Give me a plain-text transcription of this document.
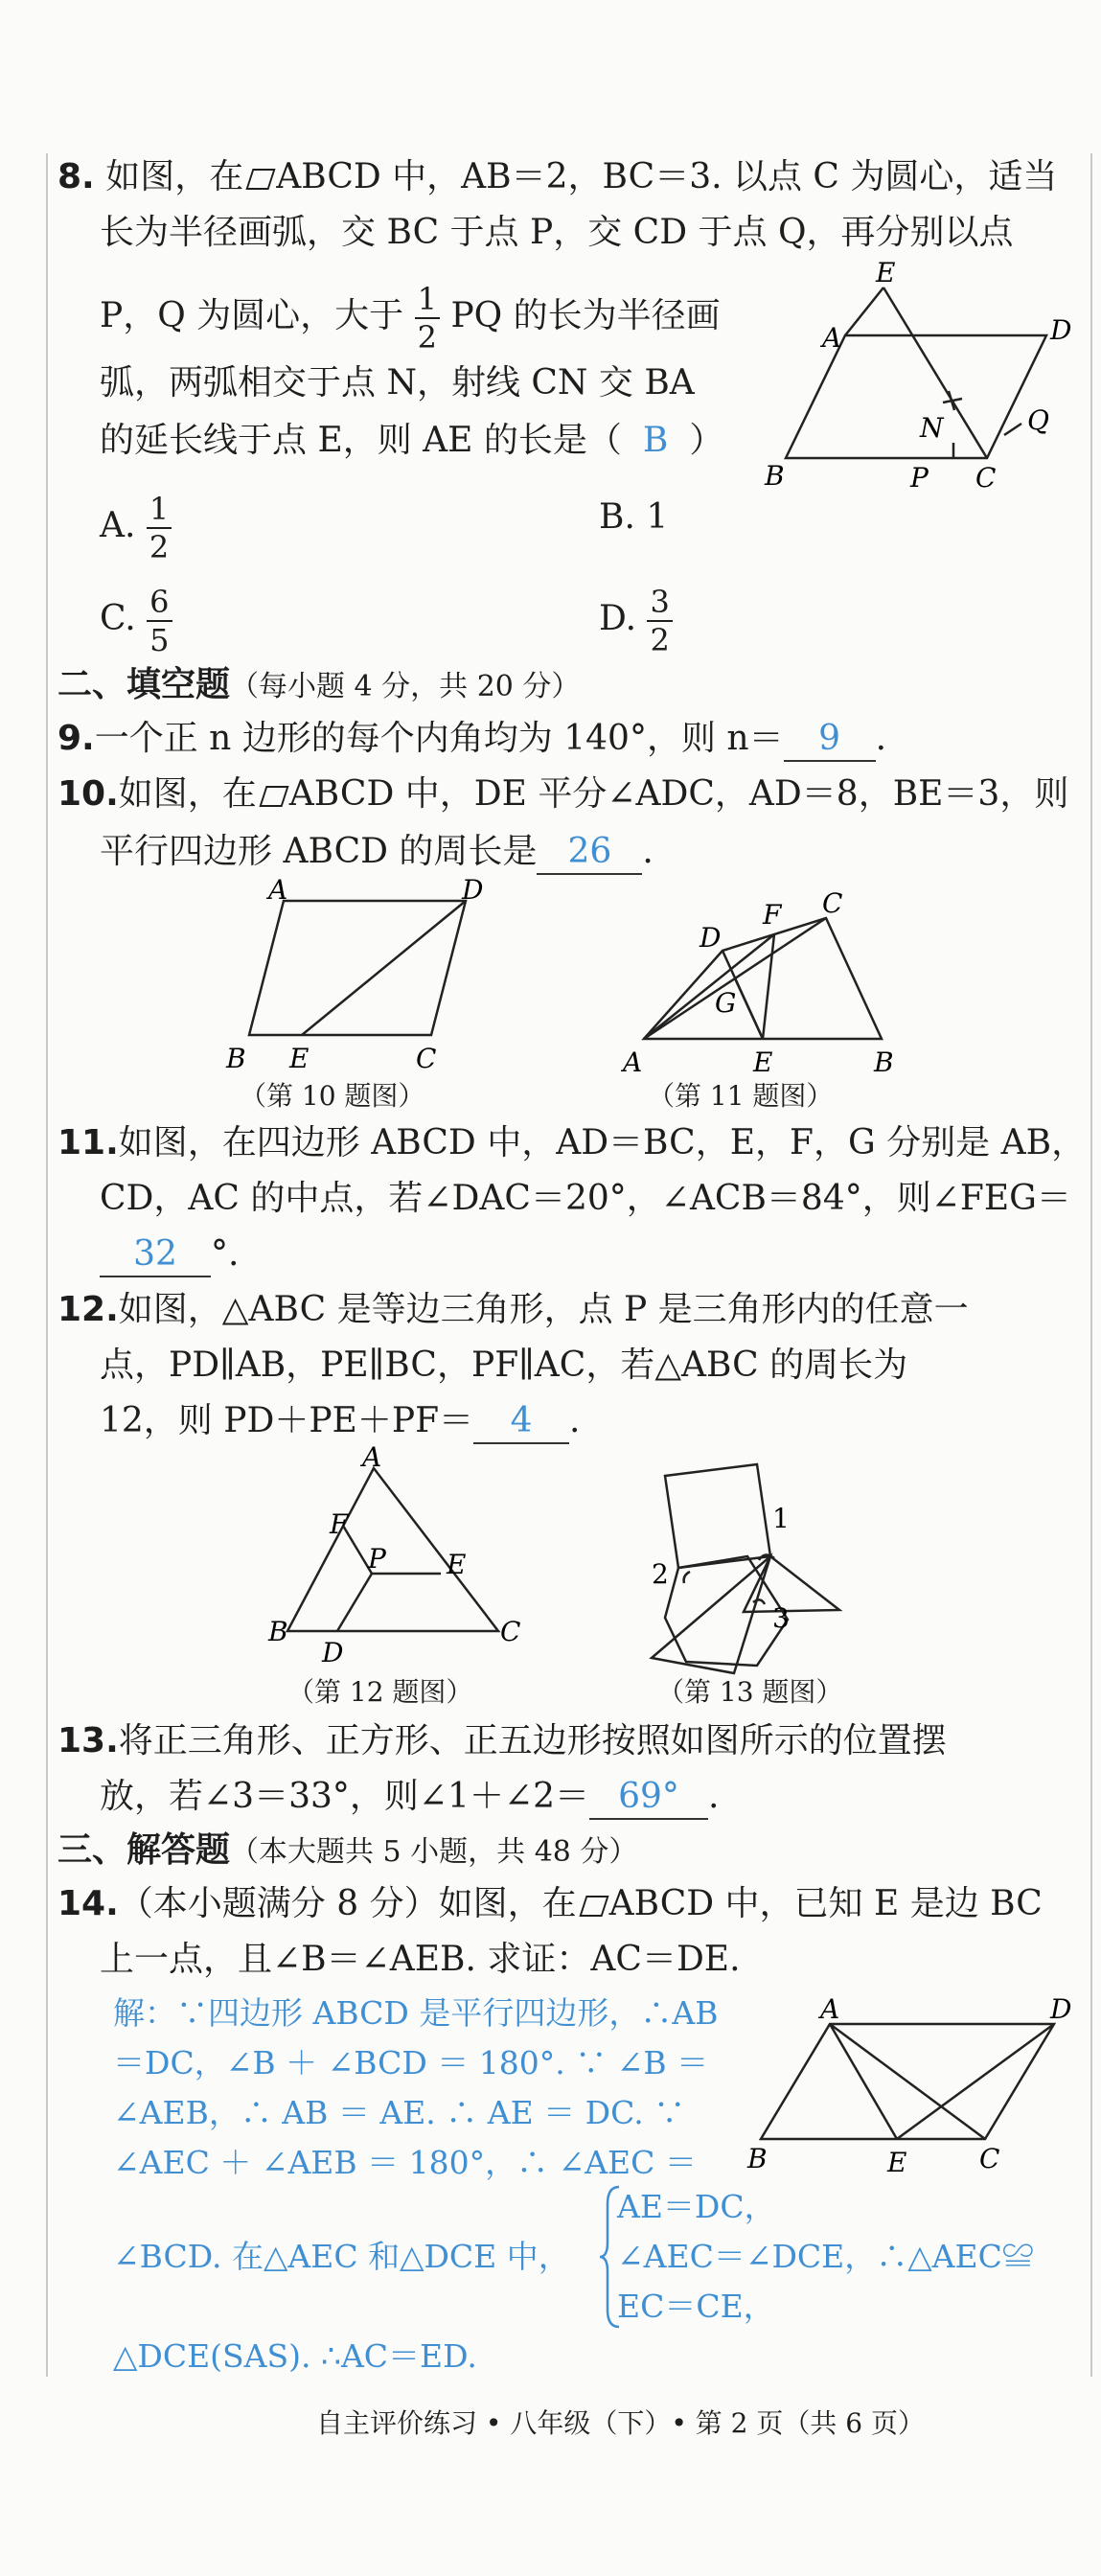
8. 如图，在 ABCD 中，AB＝2，BC＝3. 以点 C 为圆心，适当
长为半径画弧，交 BC 于点 P，交 CD 于点 Q，再分别以点
P，Q 为圆心，大于 $\frac{1}{2}$ PQ 的长为半径画
弧，两弧相交于点 N，射线 CN 交 BA
的延长线于点 E，则 AE 的长是（ B ）
A. $\frac{1}{2}$	B. 1
C. $\frac{6}{5}$	D. $\frac{3}{2}$
E
A	D
N	Q
B	P C
二、填空题（每小题 4 分，共 20 分）
9.一个正 n 边形的每个内角均为 140°，则 n＝ 9 .
10.如图，在 ABCD 中，DE 平分∠ADC，AD＝8，BE＝3，则
平行四边形 ABCD 的周长是 26 .
A	D
B E	C
（第 10 题图）
D
F C
G
A	E	B
（第 11 题图）
11.如图，在四边形 ABCD 中，AD＝BC，E，F，G 分别是 AB，
CD，AC 的中点，若∠DAC＝20°，∠ACB＝84°，则∠FEG＝
32 °.
12.如图，△ABC 是等边三角形，点 P 是三角形内的任意一
点，PD∥AB，PE∥BC，PF∥AC，若△ABC 的周长为
12，则 PD＋PE＋PF＝ 4 .
A
F
P E
B
D
C
（第 12 题图）
1
2
3
（第 13 题图）
13.将正三角形、正方形、正五边形按照如图所示的位置摆
放，若∠3＝33°，则∠1＋∠2＝ 69° .
三、解答题（本大题共 5 小题，共 48 分）
14.（本小题满分 8 分）如图，在 ABCD 中，已知 E 是边 BC
上一点，且∠B＝∠AEB. 求证：AC＝DE.
解：∵四边形 ABCD 是平行四边形，∴AB
＝DC，∠B ＋ ∠BCD ＝ 180°. ∵ ∠B ＝
∠AEB，∴ AB ＝ AE. ∴ AE ＝ DC. ∵
∠AEC ＋ ∠AEB ＝ 180°，∴ ∠AEC ＝
∠BCD. 在△AEC 和△DCE 中，
AE＝DC，
∠AEC＝∠DCE，∴△AEC≌
EC＝CE，
△DCE(SAS). ∴AC＝ED.
A	D
B	E	C
自主评价练习 • 八年级（下）• 第 2 页（共 6 页）
